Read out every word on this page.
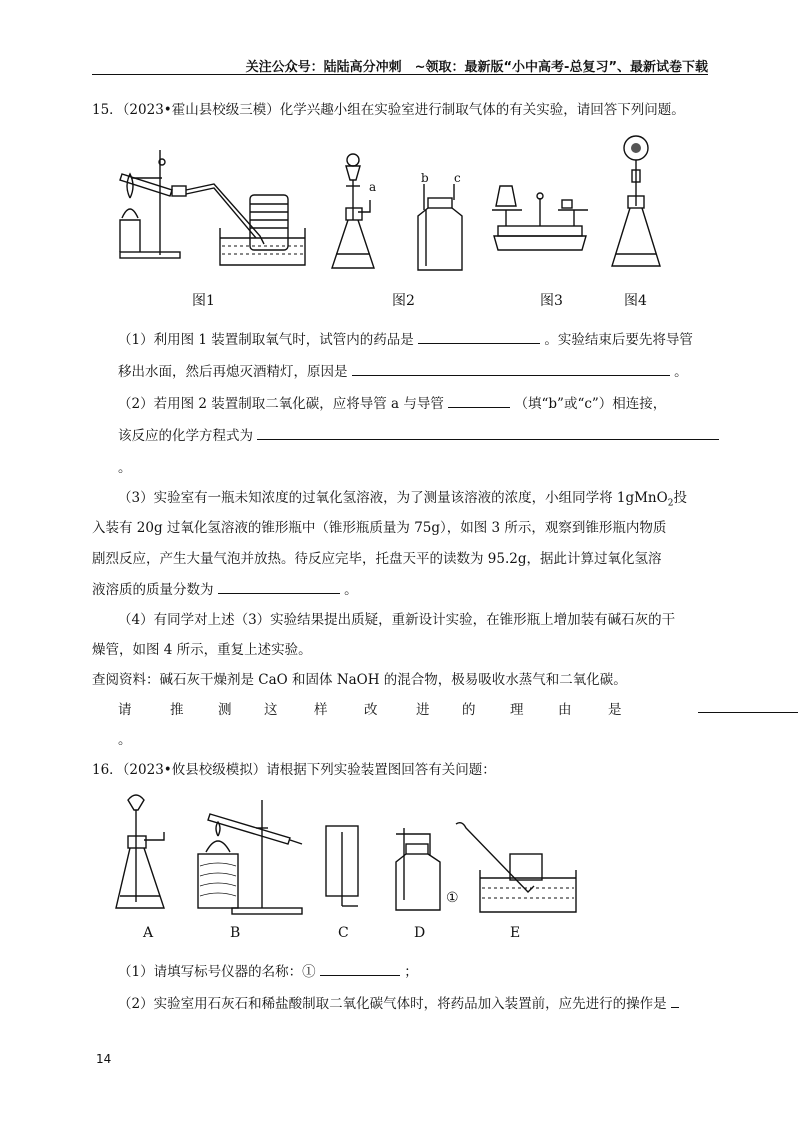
关注公众号：陆陆高分冲刺　~领取：最新版“小中高考-总复习”、最新试卷下载
15．（2023•霍山县校级三模）化学兴趣小组在实验室进行制取气体的有关实验，请回答下列问题。
图1
a
b c
图2	图3	图4
（1）利用图 1 装置制取氧气时，试管内的药品是	。实验结束后要先将导管
移出水面，然后再熄灭酒精灯，原因是	。
（2）若用图 2 装置制取二氧化碳，应将导管 a 与导管	（填“b”或“c”）相连接，
该反应的化学方程式为
。
（3）实验室有一瓶未知浓度的过氧化氢溶液，为了测量该溶液的浓度，小组同学将 1gMnO$_2$投
入装有 20g 过氧化氢溶液的锥形瓶中（锥形瓶质量为 75g），如图 3 所示，观察到锥形瓶内物质
剧烈反应，产生大量气泡并放热。待反应完毕，托盘天平的读数为 95.2g，据此计算过氧化氢溶
液溶质的质量分数为	。
（4）有同学对上述（3）实验结果提出质疑，重新设计实验，在锥形瓶上增加装有碱石灰的干
燥管，如图 4 所示，重复上述实验。
查阅资料：碱石灰干燥剂是 CaO 和固体 NaOH 的混合物，极易吸收水蒸气和二氧化碳。
请	推	测 这	样	改	进 的	理	由	是
。
16．（2023•攸县校级模拟）请根据下列实验装置图回答有关问题：
A	B	C	D
①
E
（1）请填写标号仪器的名称：①	；
（2）实验室用石灰石和稀盐酸制取二氧化碳气体时，将药品加入装置前，应先进行的操作是
14
